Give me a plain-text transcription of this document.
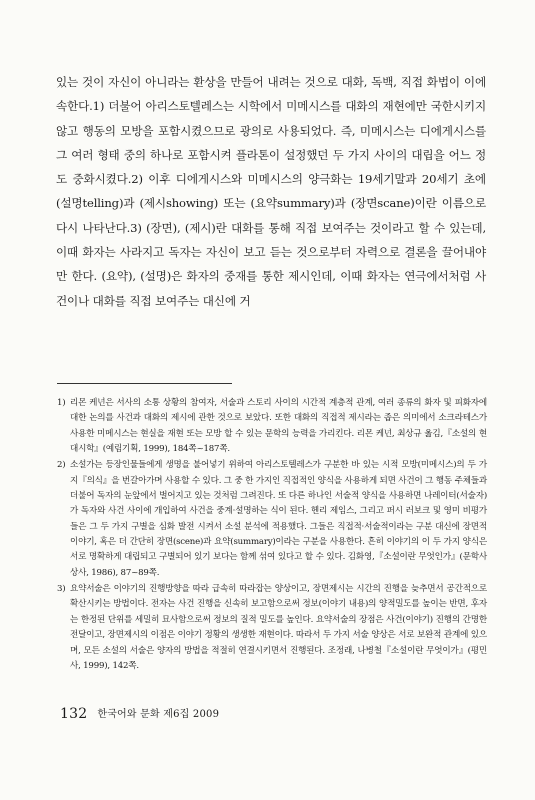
있는 것이 자신이 아니라는 환상을 만들어 내려는 것으로 대화, 독백, 직접 화법이 이에 속한다.1) 더불어 아리스토텔레스는 시학에서 미메시스를 대화의 재현에만 국한시키지 않고 행동의 모방을 포함시켰으므로 광의로 사용되었다. 즉, 미메시스는 디에게시스를 그 여러 형태 중의 하나로 포함시켜 플라톤이 설정했던 두 가지 사이의 대립을 어느 정도 중화시켰다.2) 이후 디에게시스와 미메시스의 양극화는 19세기말과 20세기 초에 (설명telling)과 (제시showing) 또는 (요약summary)과 (장면scane)이란 이름으로 다시 나타난다.3) (장면), (제시)란 대화를 통해 직접 보여주는 것이라고 할 수 있는데, 이때 화자는 사라지고 독자는 자신이 보고 듣는 것으로부터 자력으로 결론을 끌어내야만 한다. (요약), (설명)은 화자의 중재를 통한 제시인데, 이때 화자는 연극에서처럼 사건이나 대화를 직접 보여주는 대신에 거

1) 리몬 케넌은 서사의 소통 상황의 참여자, 서술과 스토리 사이의 시간적 계층적 관계, 여러 종류의 화자 및 피화자에 대한 논의를 사건과 대화의 제시에 관한 것으로 보았다. 또한 대화의 직접적 제시라는 좁은 의미에서 소크라테스가 사용한 미메시스는 현실을 재현 또는 모방 할 수 있는 문학의 능력을 가리킨다. 리몬 케넌, 최상규 옮김,『소설의 현대시학』(예림기획, 1999), 184쪽~187쪽.
2) 소설가는 등장인물들에게 생명을 불어넣기 위하여 아리스토텔레스가 구분한 바 있는 시적 모방(미메시스)의 두 가지『의식』을 번갈아가며 사용할 수 있다. 그 중 한 가지인 직접적인 양식을 사용하게 되면 사건이 그 행동 주체들과 더불어 독자의 눈앞에서 벌어지고 있는 것처럼 그려진다. 또 다른 하나인 서술적 양식을 사용하면 나레이터(서술자)가 독자와 사건 사이에 개입하여 사건을 중계·설명하는 식이 된다. 헨리 제임스, 그리고 퍼시 러보크 및 영미 비평가들은 그 두 가지 구별을 심화 발전 시켜서 소설 분석에 적용했다. 그들은 직접적·서술적이라는 구분 대신에 장면적 이야기, 혹은 더 간단히 장면(scene)과 요약(summary)이라는 구분을 사용한다. 흔히 이야기의 이 두 가지 양식은 서로 명확하게 대립되고 구별되어 있기 보다는 함께 섞여 있다고 할 수 있다. 김화영,『소설이란 무엇인가』(문학사상사, 1986), 87~89쪽.
3) 요약서술은 이야기의 진행방향을 따라 급속히 따라잡는 양상이고, 장면제시는 시간의 진행을 늦추면서 공간적으로 확산시키는 방법이다. 전자는 사건 진행을 신속히 보고함으로써 정보(이야기 내용)의 양적밀도를 높이는 반면, 후자는 한정된 단위를 세밀히 묘사함으로써 정보의 질적 밀도를 높인다. 요약서술의 장점은 사건(이야기) 진행의 간명한 전달이고, 장면제시의 이점은 이야기 정황의 생생한 재현이다. 따라서 두 가지 서술 양상은 서로 보완적 관계에 있으며, 모든 소설의 서술은 양자의 방법을 적절히 연결시키면서 진행된다. 조정래, 나병철『소설이란 무엇이가』(평민사, 1999), 142쪽.
132 한국어와 문화 제6집 2009
